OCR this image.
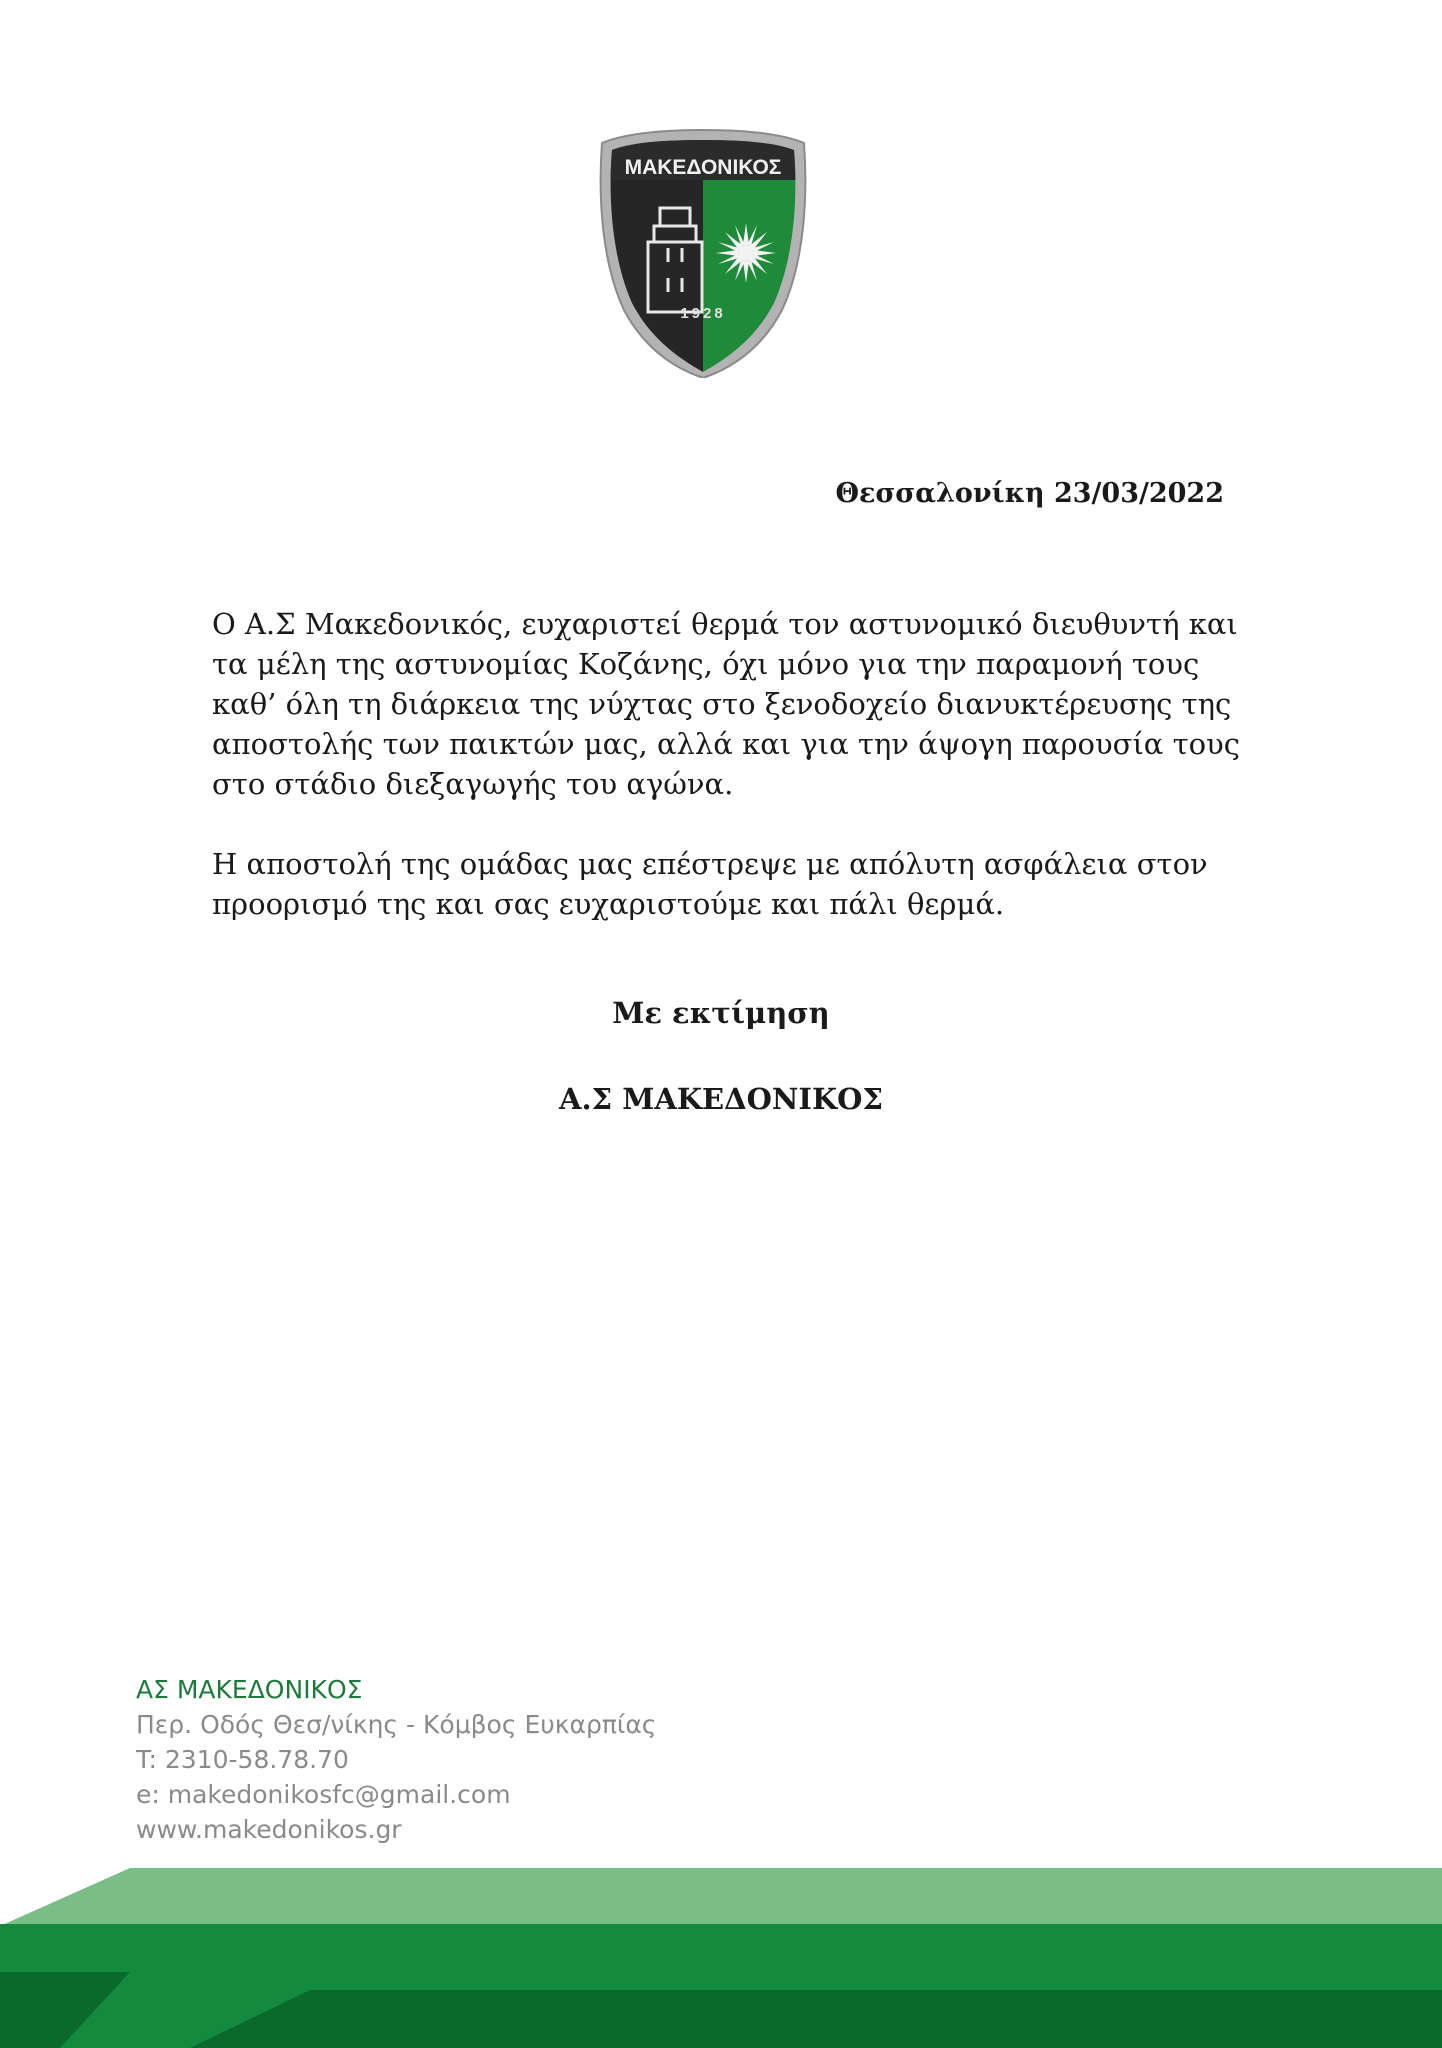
ΜΑΚΕΔΟΝΙΚΟΣ
1928
Θεσσαλονίκη 23/03/2022
Ο Α.Σ Μακεδονικός, ευχαριστεί θερμά τον αστυνομικό διευθυντή και
τα μέλη της αστυνομίας Κοζάνης, όχι μόνο για την παραμονή τους
καθ’ όλη τη διάρκεια της νύχτας στο ξενοδοχείο διανυκτέρευσης της
αποστολής των παικτών μας, αλλά και για την άψογη παρουσία τους
στο στάδιο διεξαγωγής του αγώνα.
Η αποστολή της ομάδας μας επέστρεψε με απόλυτη ασφάλεια στον
προορισμό της και σας ευχαριστούμε και πάλι θερμά.
Με εκτίμηση
Α.Σ ΜΑΚΕΔΟΝΙΚΟΣ
ΑΣ ΜΑΚΕΔΟΝΙΚΟΣ
Περ. Οδός Θεσ/νίκης - Κόμβος Ευκαρπίας
T: 2310-58.78.70
e: makedonikosfc@gmail.com
www.makedonikos.gr
